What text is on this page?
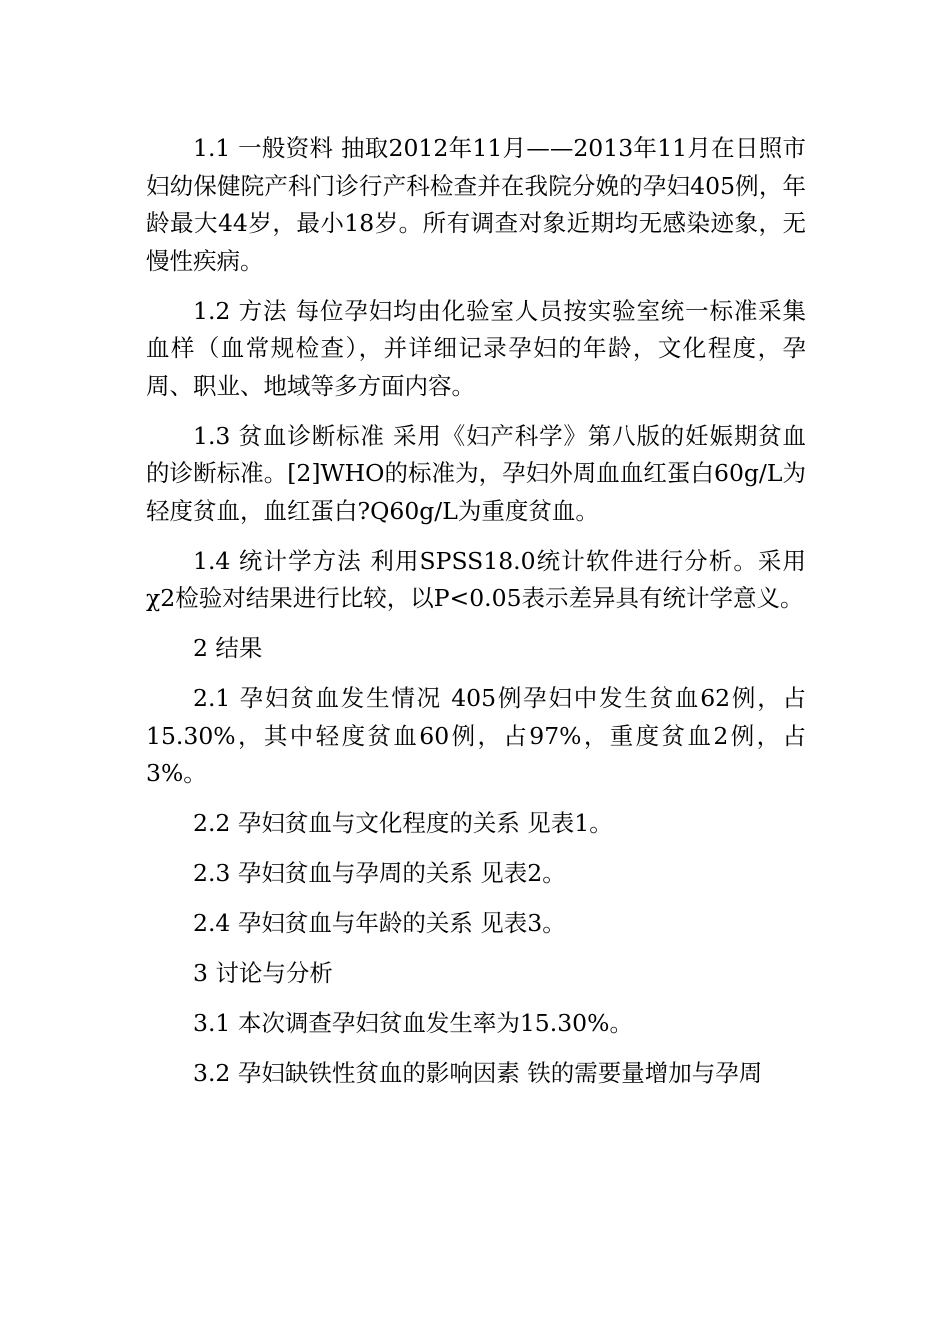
1.1 一般资料 抽取2012年11月——2013年11月在日照市妇幼保健院产科门诊行产科检查并在我院分娩的孕妇405例，年龄最大44岁，最小18岁。所有调查对象近期均无感染迹象，无慢性疾病。

1.2 方法 每位孕妇均由化验室人员按实验室统一标准采集血样（血常规检查），并详细记录孕妇的年龄，文化程度，孕周、职业、地域等多方面内容。

1.3 贫血诊断标准 采用《妇产科学》第八版的妊娠期贫血的诊断标准。[2]WHO的标准为，孕妇外周血血红蛋白60g/L为轻度贫血，血红蛋白?Q60g/L为重度贫血。

1.4 统计学方法 利用SPSS18.0统计软件进行分析。采用χ2检验对结果进行比较，以P<0.05表示差异具有统计学意义。

2 结果

2.1 孕妇贫血发生情况 405例孕妇中发生贫血62例，占15.30%，其中轻度贫血60例，占97%，重度贫血2例，占3%。

2.2 孕妇贫血与文化程度的关系 见表1。

2.3 孕妇贫血与孕周的关系 见表2。

2.4 孕妇贫血与年龄的关系 见表3。

3 讨论与分析

3.1 本次调查孕妇贫血发生率为15.30%。

3.2 孕妇缺铁性贫血的影响因素 铁的需要量增加与孕周
